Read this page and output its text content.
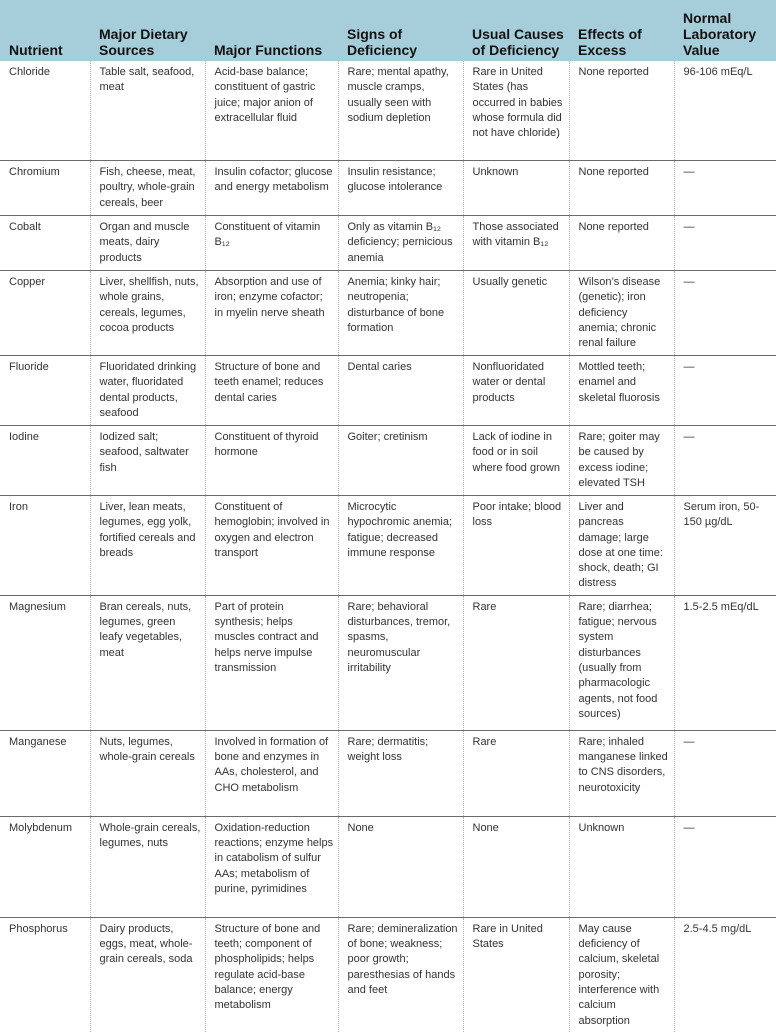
Nutrient	Major Dietary Sources	Major Functions	Signs of Deficiency	Usual Causes of Deficiency	Effects of Excess	Normal Laboratory Value
Chloride	Table salt, seafood, meat	Acid-base balance; constituent of gastric juice; major anion of extracellular fluid	Rare; mental apathy, muscle cramps, usually seen with sodium depletion	Rare in United States (has occurred in babies whose formula did not have chloride)	None reported	96-106 mEq/L
Chromium	Fish, cheese, meat, poultry, whole-grain cereals, beer	Insulin cofactor; glucose and energy metabolism	Insulin resistance; glucose intolerance	Unknown	None reported	—
Cobalt	Organ and muscle meats, dairy products	Constituent of vitamin B₁₂	Only as vitamin B₁₂ deficiency; pernicious anemia	Those associated with vitamin B₁₂	None reported	—
Copper	Liver, shellfish, nuts, whole grains, cereals, legumes, cocoa products	Absorption and use of iron; enzyme cofactor; in myelin nerve sheath	Anemia; kinky hair; neutropenia; disturbance of bone formation	Usually genetic	Wilson’s disease (genetic); iron deficiency anemia; chronic renal failure	—
Fluoride	Fluoridated drinking water, fluoridated dental products, seafood	Structure of bone and teeth enamel; reduces dental caries	Dental caries	Nonfluoridated water or dental products	Mottled teeth; enamel and skeletal fluorosis	—
Iodine	Iodized salt; seafood, saltwater fish	Constituent of thyroid hormone	Goiter; cretinism	Lack of iodine in food or in soil where food grown	Rare; goiter may be caused by excess iodine; elevated TSH	—
Iron	Liver, lean meats, legumes, egg yolk, fortified cereals and breads	Constituent of hemoglobin; involved in oxygen and electron transport	Microcytic hypochromic anemia; fatigue; decreased immune response	Poor intake; blood loss	Liver and pancreas damage; large dose at one time: shock, death; GI distress	Serum iron, 50-150 µg/dL
Magnesium	Bran cereals, nuts, legumes, green leafy vegetables, meat	Part of protein synthesis; helps muscles contract and helps nerve impulse transmission	Rare; behavioral disturbances, tremor, spasms, neuromuscular irritability	Rare	Rare; diarrhea; fatigue; nervous system disturbances (usually from pharmacologic agents, not food sources)	1.5-2.5 mEq/dL
Manganese	Nuts, legumes, whole-grain cereals	Involved in formation of bone and enzymes in AAs, cholesterol, and CHO metabolism	Rare; dermatitis; weight loss	Rare	Rare; inhaled manganese linked to CNS disorders, neurotoxicity	—
Molybdenum	Whole-grain cereals, legumes, nuts	Oxidation-reduction reactions; enzyme helps in catabolism of sulfur AAs; metabolism of purine, pyrimidines	None	None	Unknown	—
Phosphorus	Dairy products, eggs, meat, whole-grain cereals, soda	Structure of bone and teeth; component of phospholipids; helps regulate acid-base balance; energy metabolism	Rare; demineralization of bone; weakness; poor growth; paresthesias of hands and feet	Rare in United States	May cause deficiency of calcium, skeletal porosity; interference with calcium absorption	2.5-4.5 mg/dL
